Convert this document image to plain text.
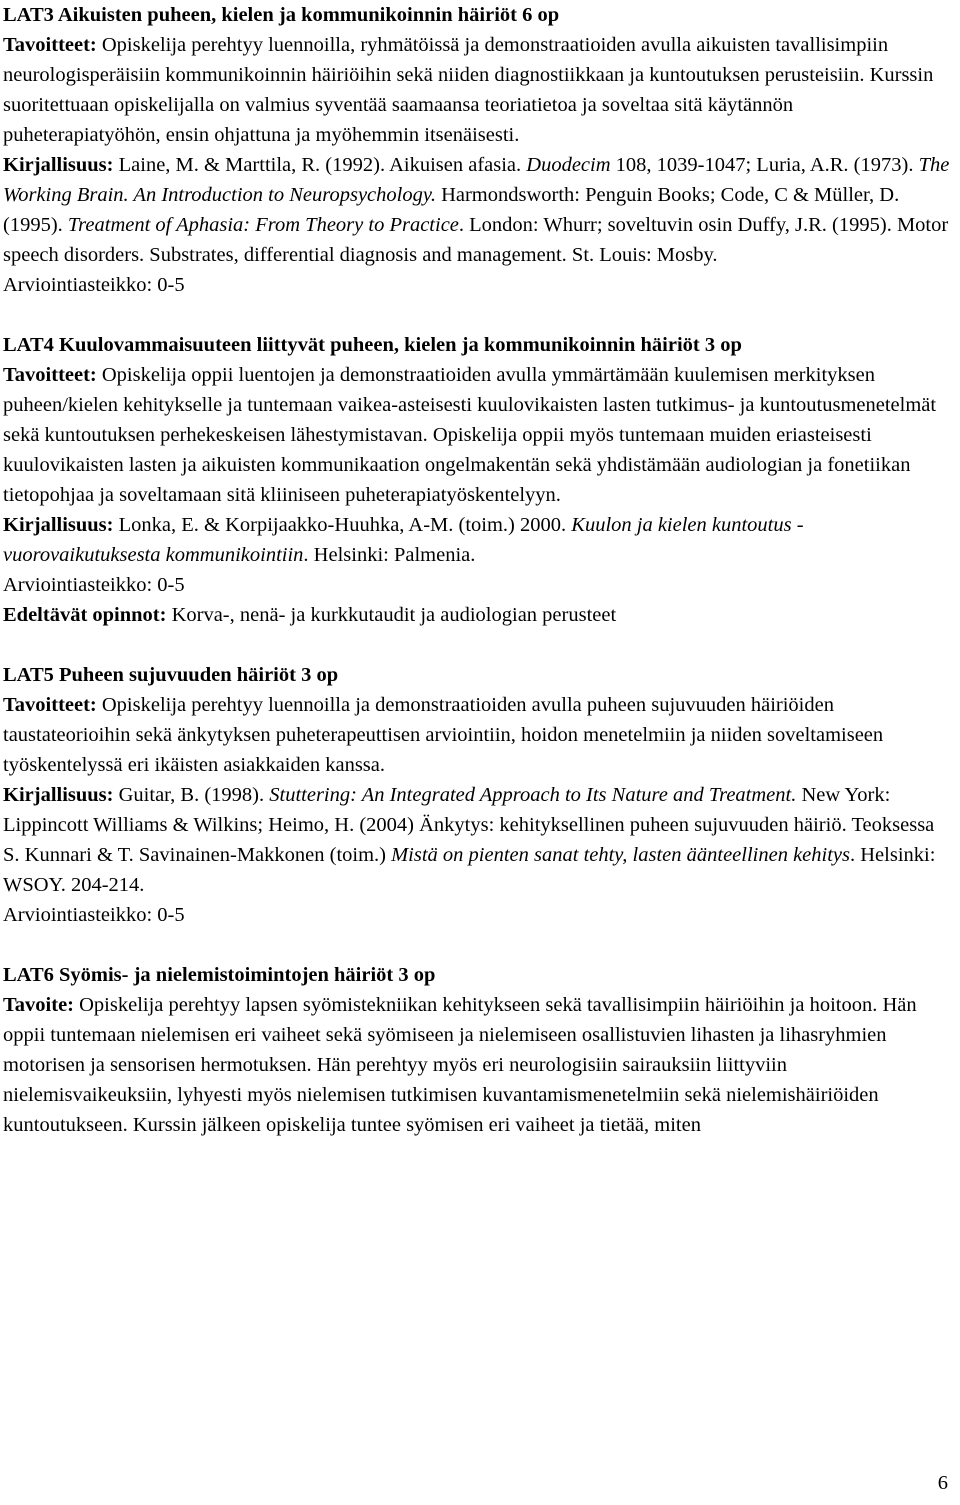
LAT3 Aikuisten puheen, kielen ja kommunikoinnin häiriöt 6 op

Tavoitteet: Opiskelija perehtyy luennoilla, ryhmätöissä ja demonstraatioiden avulla aikuisten tavallisimpiin neurologisperäisiin kommunikoinnin häiriöihin sekä niiden diagnostiikkaan ja kuntoutuksen perusteisiin. Kurssin suoritettuaan opiskelijalla on valmius syventää saamaansa teoriatietoa ja soveltaa sitä käytännön puheterapiatyöhön, ensin ohjattuna ja myöhemmin itsenäisesti.

Kirjallisuus: Laine, M. & Marttila, R. (1992). Aikuisen afasia. Duodecim 108, 1039-1047; Luria, A.R. (1973). The Working Brain. An Introduction to Neuropsychology. Harmondsworth: Penguin Books; Code, C & Müller, D. (1995). Treatment of Aphasia: From Theory to Practice. London: Whurr; soveltuvin osin Duffy, J.R. (1995). Motor speech disorders. Substrates, differential diagnosis and management. St. Louis: Mosby.

Arviointiasteikko: 0-5

LAT4 Kuulovammaisuuteen liittyvät puheen, kielen ja kommunikoinnin häiriöt 3 op

Tavoitteet: Opiskelija oppii luentojen ja demonstraatioiden avulla ymmärtämään kuulemisen merkityksen puheen/kielen kehitykselle ja tuntemaan vaikea-asteisesti kuulovikaisten lasten tutkimus- ja kuntoutusmenetelmät sekä kuntoutuksen perhekeskeisen lähestymistavan. Opiskelija oppii myös tuntemaan muiden eriasteisesti kuulovikaisten lasten ja aikuisten kommunikaation ongelmakentän sekä yhdistämään audiologian ja fonetiikan tietopohjaa ja soveltamaan sitä kliiniseen puheterapiatyöskentelyyn.

Kirjallisuus: Lonka, E. & Korpijaakko-Huuhka, A-M. (toim.) 2000. Kuulon ja kielen kuntoutus - vuorovaikutuksesta kommunikointiin. Helsinki: Palmenia.

Arviointiasteikko: 0-5

Edeltävät opinnot: Korva-, nenä- ja kurkkutaudit ja audiologian perusteet

LAT5 Puheen sujuvuuden häiriöt 3 op

Tavoitteet: Opiskelija perehtyy luennoilla ja demonstraatioiden avulla puheen sujuvuuden häiriöiden taustateorioihin sekä änkytyksen puheterapeuttisen arviointiin, hoidon menetelmiin ja niiden soveltamiseen työskentelyssä eri ikäisten asiakkaiden kanssa.

Kirjallisuus: Guitar, B. (1998). Stuttering: An Integrated Approach to Its Nature and Treatment. New York: Lippincott Williams & Wilkins; Heimo, H. (2004) Änkytys: kehityksellinen puheen sujuvuuden häiriö. Teoksessa S. Kunnari & T. Savinainen-Makkonen (toim.) Mistä on pienten sanat tehty, lasten äänteellinen kehitys. Helsinki: WSOY. 204-214.

Arviointiasteikko: 0-5

LAT6 Syömis- ja nielemistoimintojen häiriöt 3 op

Tavoite: Opiskelija perehtyy lapsen syömistekniikan kehitykseen sekä tavallisimpiin häiriöihin ja hoitoon. Hän oppii tuntemaan nielemisen eri vaiheet sekä syömiseen ja nielemiseen osallistuvien lihasten ja lihasryhmien motorisen ja sensorisen hermotuksen. Hän perehtyy myös eri neurologisiin sairauksiin liittyviin nielemisvaikeuksiin, lyhyesti myös nielemisen tutkimisen kuvantamismenetelmiin sekä nielemishäiriöiden kuntoutukseen. Kurssin jälkeen opiskelija tuntee syömisen eri vaiheet ja tietää, miten

6
